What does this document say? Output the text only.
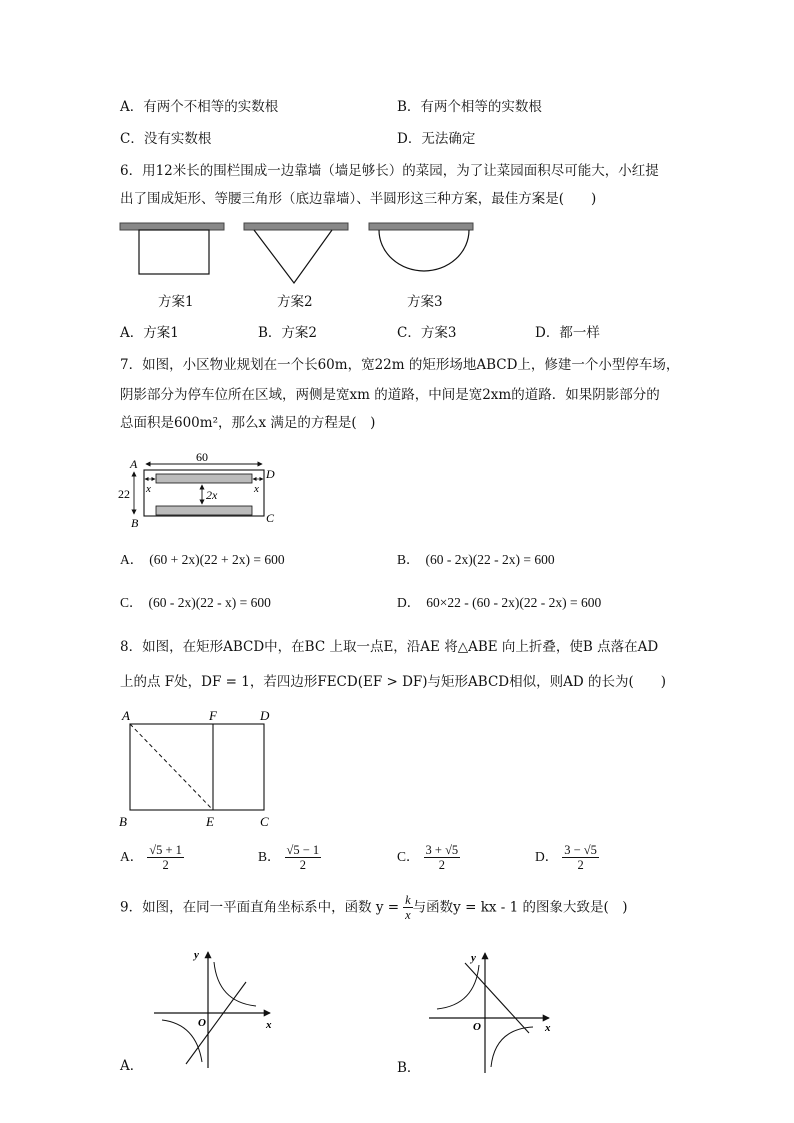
A．有两个不相等的实数根	B．有两个相等的实数根
C．没有实数根	D．无法确定
6．用12米长的围栏围成一边靠墙（墙足够长）的菜园，为了让菜园面积尽可能大，小红提
出了围成矩形、等腰三角形（底边靠墙）、半圆形这三种方案，最佳方案是(　　)
方案1	方案2	方案3
A．方案1	B．方案2	C．方案3	D．都一样
7．如图，小区物业规划在一个长60m，宽22m 的矩形场地ABCD上，修建一个小型停车场，
阴影部分为停车位所在区域，两侧是宽xm 的道路，中间是宽2xm的道路．如果阴影部分的
总面积是600m²，那么x 满足的方程是(　)
A
D
B	C
60
22 x	x
2x
A． (60 + 2x)(22 + 2x) = 600	B． (60 - 2x)(22 - 2x) = 600
C． (60 - 2x)(22 - x) = 600	D． 60×22 - (60 - 2x)(22 - 2x) = 600
8．如图，在矩形ABCD中，在BC 上取一点E，沿AE 将△ABE 向上折叠，使B 点落在AD
上的点 F处，DF = 1，若四边形FECD(EF > DF)与矩形ABCD相似，则AD 的长为(　　)
A	F	D
B	E	C
A． $\frac{√5 + 1}{2}$	B． $\frac{√5 - 1}{2}$	C． $\frac{3 + √5}{2}$	D． $\frac{3 - √5}{2}$
9．如图，在同一平面直角坐标系中，函数 $y = \frac{k}{x}$ 与函数y = kx - 1 的图象大致是(　)
y
x
O
A．
y
x
O
B．
